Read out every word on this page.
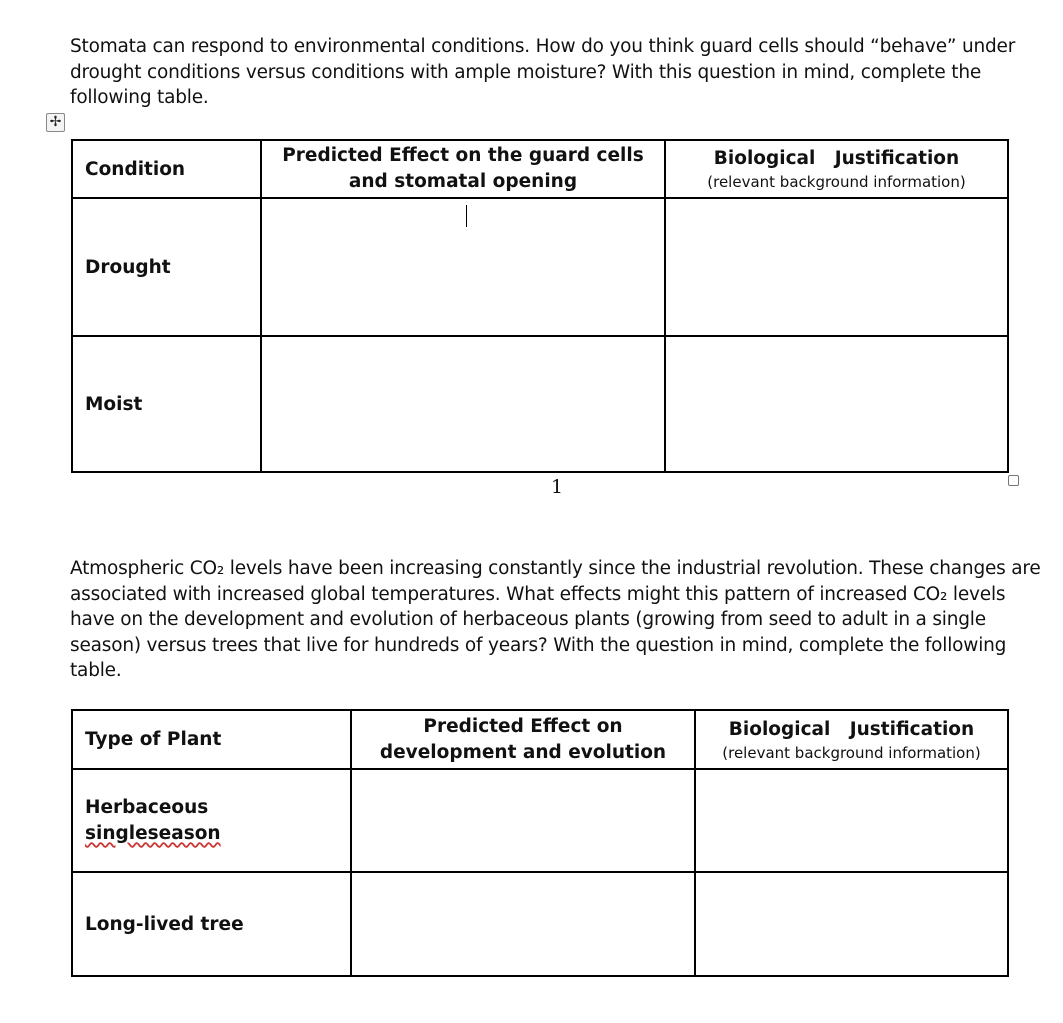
Stomata can respond to environmental conditions. How do you think guard cells should “behave” under drought conditions versus conditions with ample moisture? With this question in mind, complete the following table.
✢
Condition	Predicted Effect on the guard cells and stomatal opening	Biological   Justification
(relevant background information)

Drought		
Moist		
1
Atmospheric CO₂ levels have been increasing constantly since the industrial revolution. These changes are associated with increased global temperatures. What effects might this pattern of increased CO₂ levels have on the development and evolution of herbaceous plants (growing from seed to adult in a single season) versus trees that live for hundreds of years? With the question in mind, complete the following table.
Type of Plant	Predicted Effect on development and evolution	Biological   Justification
(relevant background information)

Herbaceous
singleseason		
Long-lived tree		
